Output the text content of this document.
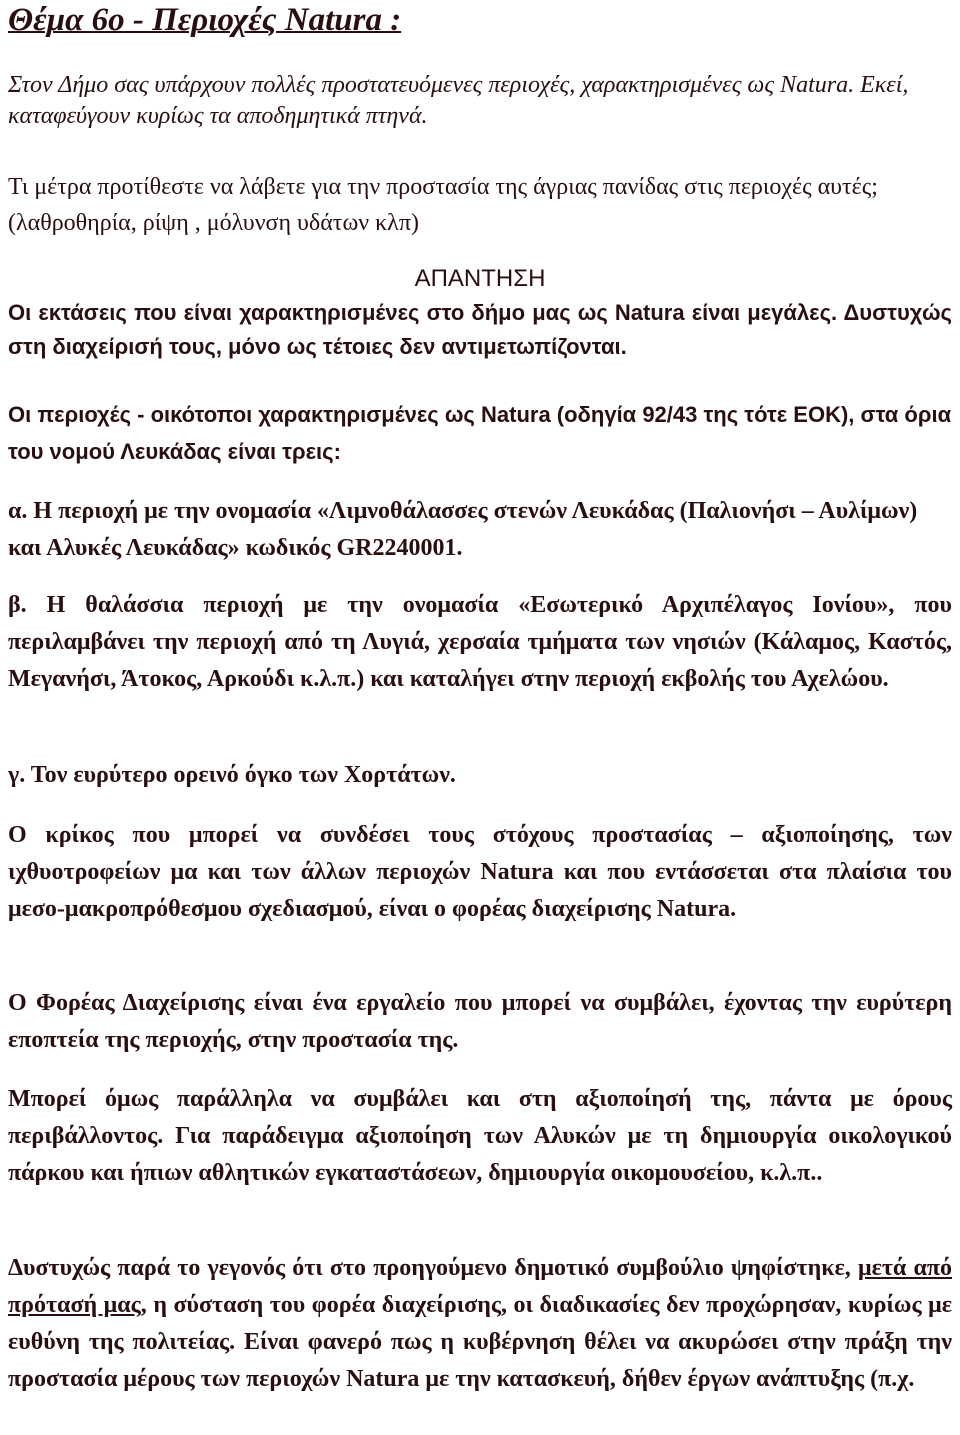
Θέμα 6ο - Περιοχές Natura :
Στον Δήμο σας υπάρχουν πολλές προστατευόμενες περιοχές, χαρακτηρισμένες ως Natura. Εκεί, καταφεύγουν κυρίως τα αποδημητικά πτηνά.
Τι μέτρα προτίθεστε να λάβετε για την προστασία της άγριας πανίδας στις περιοχές αυτές; (λαθροθηρία, ρίψη , μόλυνση υδάτων κλπ)
ΑΠΑΝΤΗΣΗ
Οι εκτάσεις που είναι χαρακτηρισμένες στο δήμο μας ως Natura είναι μεγάλες. Δυστυχώς στη διαχείρισή τους, μόνο ως τέτοιες δεν αντιμετωπίζονται.
Οι περιοχές - οικότοποι χαρακτηρισμένες ως Natura (οδηγία 92/43 της τότε ΕΟΚ), στα όρια του νομού Λευκάδας είναι τρεις:
α. Η περιοχή με την ονομασία «Λιμνοθάλασσες στενών Λευκάδας (Παλιονήσι – Αυλίμων) και Αλυκές Λευκάδας» κωδικός GR2240001.
β. Η θαλάσσια περιοχή με την ονομασία «Εσωτερικό Αρχιπέλαγος Ιονίου», που περιλαμβάνει την περιοχή από τη Λυγιά, χερσαία τμήματα των νησιών (Κάλαμος, Καστός, Μεγανήσι, Άτοκος, Αρκούδι κ.λ.π.) και καταλήγει στην περιοχή εκβολής του Αχελώου.
γ. Τον ευρύτερο ορεινό όγκο των Χορτάτων.
Ο κρίκος που μπορεί να συνδέσει τους στόχους προστασίας – αξιοποίησης, των ιχθυοτροφείων μα και των άλλων περιοχών Natura και που εντάσσεται στα πλαίσια του μεσο-μακροπρόθεσμου σχεδιασμού, είναι ο φορέας διαχείρισης Natura.
Ο Φορέας Διαχείρισης είναι ένα εργαλείο που μπορεί να συμβάλει, έχοντας την ευρύτερη εποπτεία της περιοχής, στην προστασία της.
Μπορεί όμως παράλληλα να συμβάλει και στη αξιοποίησή της, πάντα με όρους περιβάλλοντος. Για παράδειγμα αξιοποίηση των Αλυκών με τη δημιουργία οικολογικού πάρκου και ήπιων αθλητικών εγκαταστάσεων, δημιουργία οικομουσείου, κ.λ.π..
Δυστυχώς παρά το γεγονός ότι στο προηγούμενο δημοτικό συμβούλιο ψηφίστηκε, μετά από πρότασή μας, η σύσταση του φορέα διαχείρισης, οι διαδικασίες δεν προχώρησαν, κυρίως με ευθύνη της πολιτείας. Είναι φανερό πως η κυβέρνηση θέλει να ακυρώσει στην πράξη την προστασία μέρους των περιοχών Natura με την κατασκευή, δήθεν έργων ανάπτυξης (π.χ.
